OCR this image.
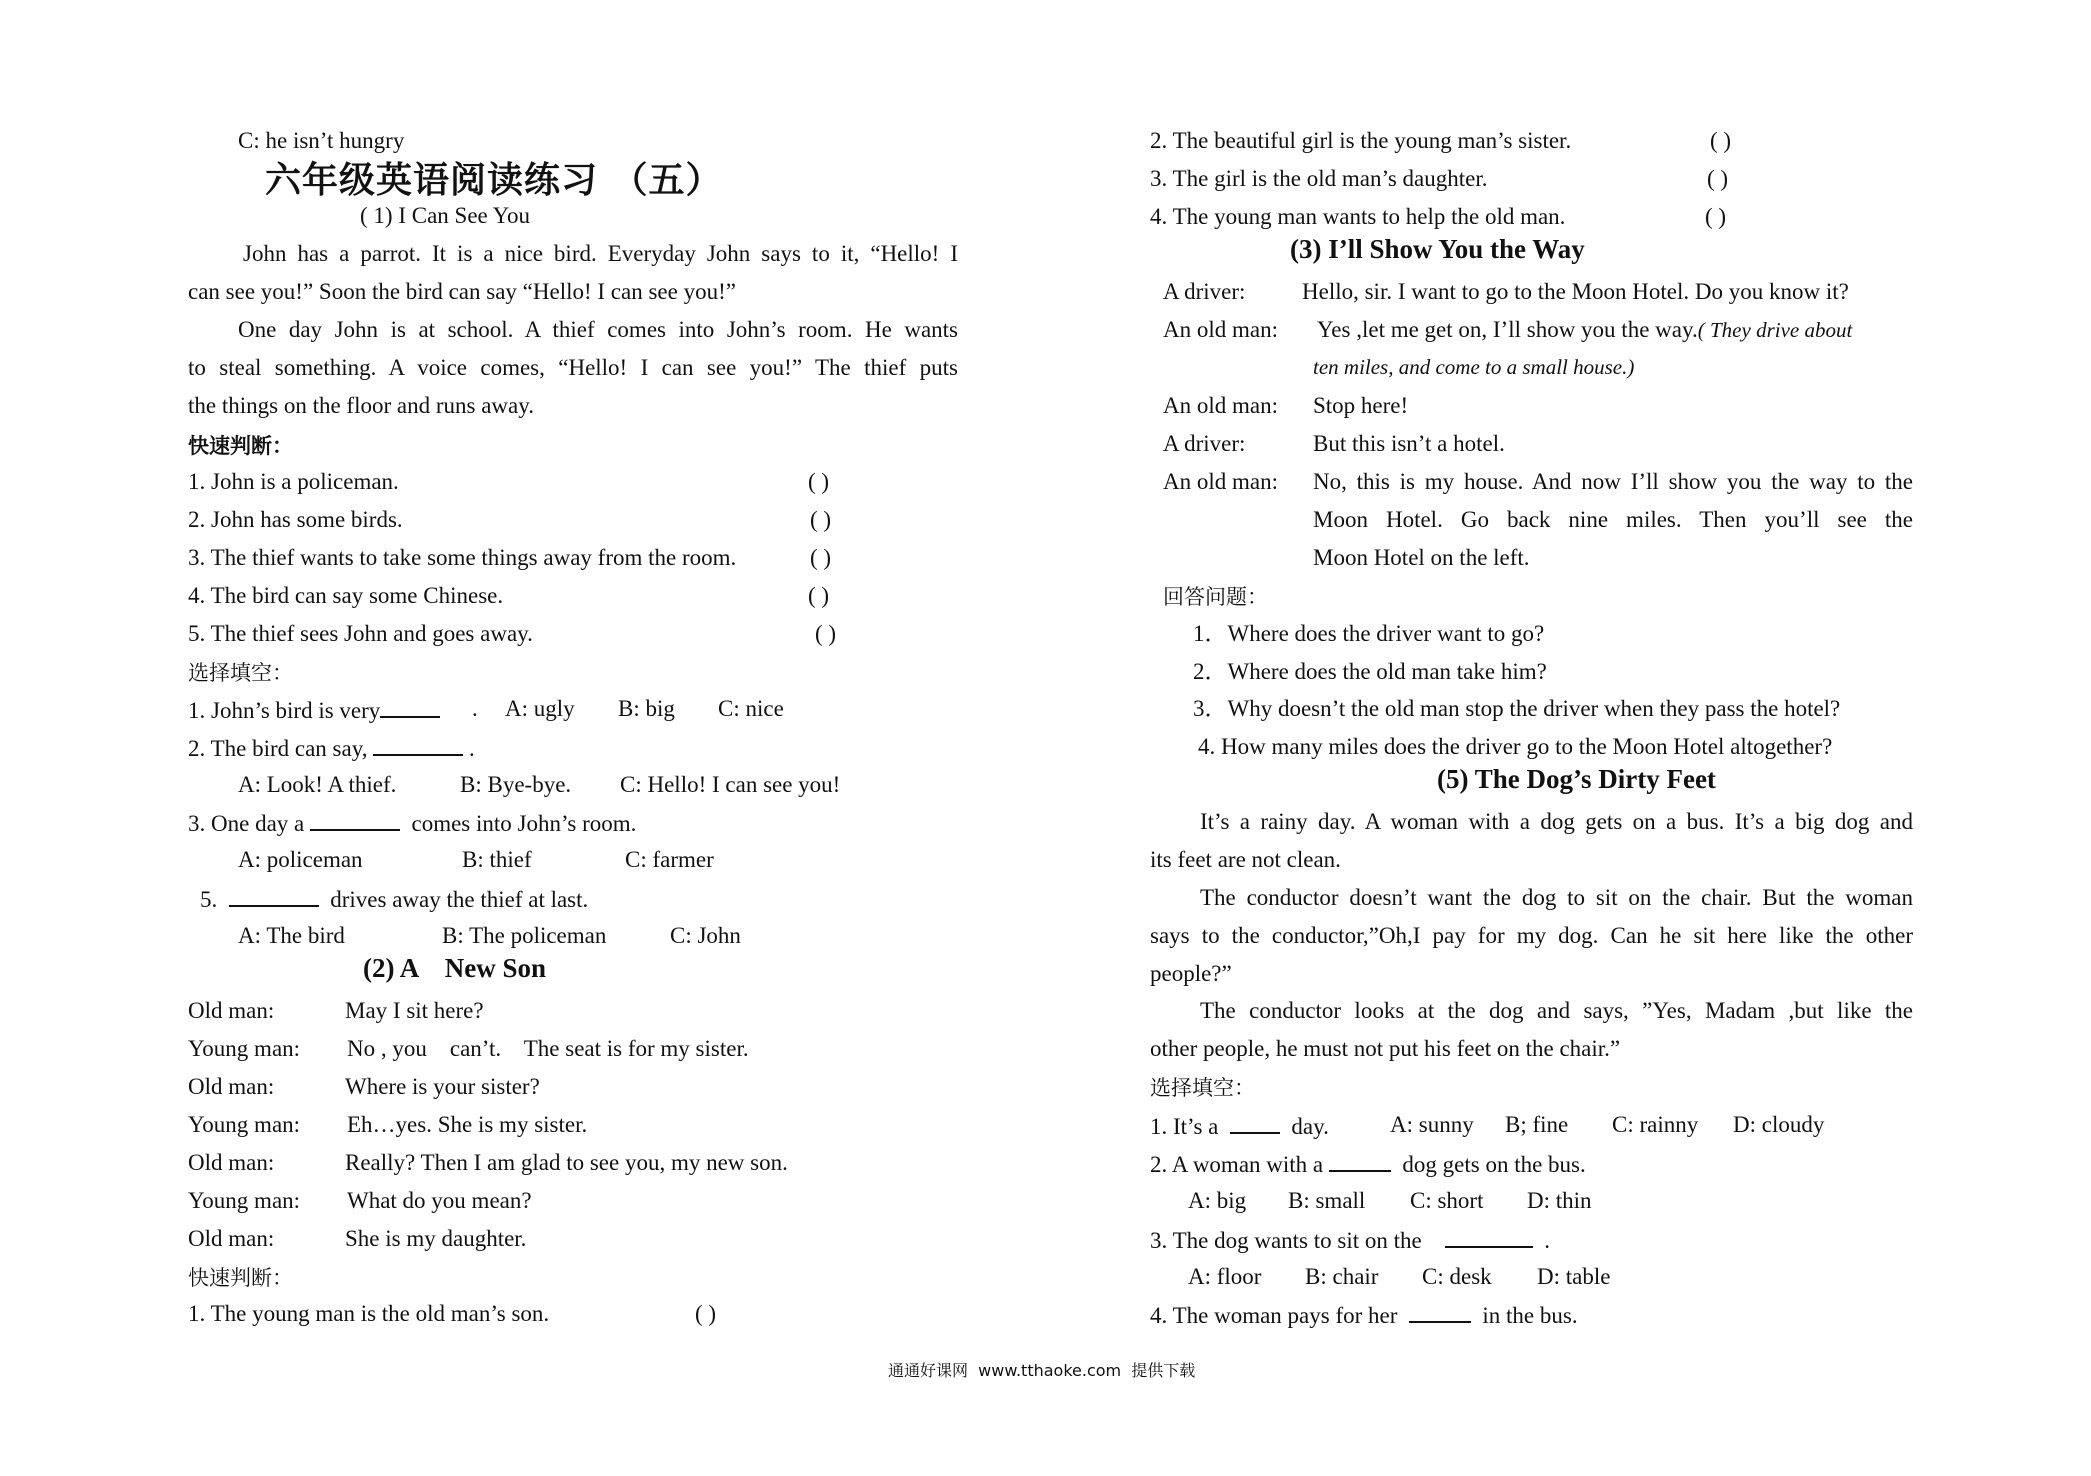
C: he isn’t hungry
六年级英语阅读练习 （五）
( 1) I Can See You
John has a parrot. It is a nice bird. Everyday John says to it, “Hello! I
can see you!” Soon the bird can say “Hello! I can see you!”
One day John is at school. A thief comes into John’s room. He wants
to steal something. A voice comes, “Hello! I can see you!” The thief puts
the things on the floor and runs away.
快速判断：
1. John is a policeman.	( )
2. John has some birds.	( )
3. The thief wants to take some things away from the room.	( )
4. The bird can say some Chinese.	( )
5. The thief sees John and goes away.	( )
选择填空：
1. John’s bird is very	. A: ugly B: big C: nice
2. The bird can say,	.
A: Look! A thief.	B: Bye-bye. C: Hello! I can see you!
3. One day a	comes into John’s room.
A: policeman	B: thief	C: farmer
5.	drives away the thief at last.
A: The bird	B: The policeman	C: John
(2) A    New Son
Old man:	May I sit here?
Young man: No , you    can’t.    The seat is for my sister.
Old man:	Where is your sister?
Young man: Eh…yes. She is my sister.
Old man:	Really? Then I am glad to see you, my new son.
Young man: What do you mean?
Old man:	She is my daughter.
快速判断：
1. The young man is the old man’s son.	( )
2. The beautiful girl is the young man’s sister.	( )
3. The girl is the old man’s daughter.	( )
4. The young man wants to help the old man.	( )
(3) I’ll Show You the Way
A driver: Hello, sir. I want to go to the Moon Hotel. Do you know it?
An old man: Yes ,let me get on, I’ll show you the way.( They drive about
ten miles, and come to a small house.)
An old man: Stop here!
A driver:	But this isn’t a hotel.
An old man: No, this is my house. And now I’ll show you the way to the
Moon Hotel. Go back nine miles. Then you’ll see the
Moon Hotel on the left.
回答问题：
1．Where does the driver want to go?
2．Where does the old man take him?
3．Why doesn’t the old man stop the driver when they pass the hotel?
4. How many miles does the driver go to the Moon Hotel altogether?
(5) The Dog’s Dirty Feet
It’s a rainy day. A woman with a dog gets on a bus. It’s a big dog and
its feet are not clean.
The conductor doesn’t want the dog to sit on the chair. But the woman
says to the conductor,”Oh,I pay for my dog. Can he sit here like the other
people?”
The conductor looks at the dog and says, ”Yes, Madam ,but like the
other people, he must not put his feet on the chair.”
选择填空：
1. It’s a	day.	A: sunny B; fine C: rainny D: cloudy
2. A woman with a	dog gets on the bus.
A: big B: small C: short D: thin
3. The dog wants to sit on the	.
A: floor B: chair C: desk D: table
4. The woman pays for her	in the bus.
通通好课网  www.tthaoke.com  提供下载
